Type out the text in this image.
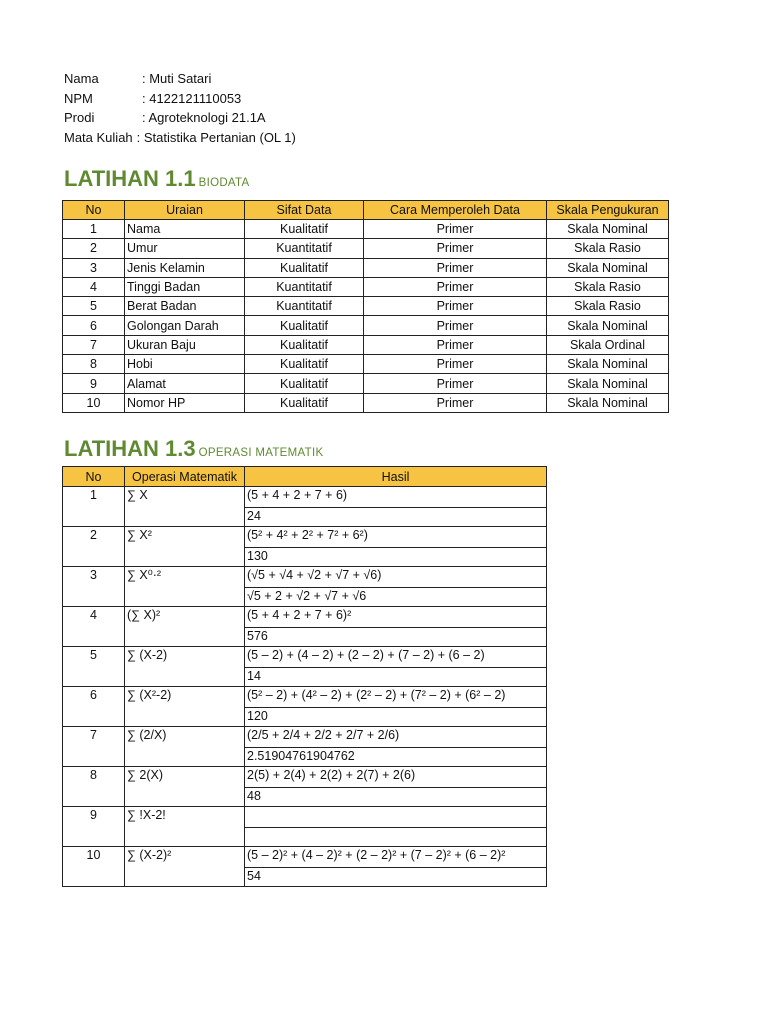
Nama	: Muti Satari
NPM	: 4122121110053
Prodi	: Agroteknologi 21.1A
Mata Kuliah : Statistika Pertanian (OL 1)
LATIHAN 1.1 BIODATA
No	Uraian	Sifat Data	Cara Memperoleh Data	Skala Pengukuran
1	Nama	Kualitatif	Primer	Skala Nominal
2	Umur	Kuantitatif	Primer	Skala Rasio
3	Jenis Kelamin	Kualitatif	Primer	Skala Nominal
4	Tinggi Badan	Kuantitatif	Primer	Skala Rasio
5	Berat Badan	Kuantitatif	Primer	Skala Rasio
6	Golongan Darah	Kualitatif	Primer	Skala Nominal
7	Ukuran Baju	Kualitatif	Primer	Skala Ordinal
8	Hobi	Kualitatif	Primer	Skala Nominal
9	Alamat	Kualitatif	Primer	Skala Nominal
10	Nomor HP	Kualitatif	Primer	Skala Nominal
LATIHAN 1.3 OPERASI MATEMATIK
No	Operasi Matematik	Hasil
1	∑ X	(5 + 4 + 2 + 7 + 6)
		24
2	∑ X²	(5² + 4² + 2² + 7² + 6²)
		130
3	∑ X⁰·²	(√5 + √4 + √2 + √7 + √6)
		√5 + 2 + √2 + √7 + √6
4	(∑ X)²	(5 + 4 + 2 + 7 + 6)²
		576
5	∑ (X-2)	(5 – 2) + (4 – 2) + (2 – 2) + (7 – 2) + (6 – 2)
		14
6	∑ (X²-2)	(5² – 2) + (4² – 2) + (2² – 2) + (7² – 2) + (6² – 2)
		120
7	∑ (2/X)	(2/5 + 2/4 + 2/2 + 2/7 + 2/6)
		2.51904761904762
8	∑ 2(X)	2(5) + 2(4) + 2(2) + 2(7) + 2(6)
		48
9	∑ !X-2!	

10	∑ (X-2)²	(5 – 2)² + (4 – 2)² + (2 – 2)² + (7 – 2)² + (6 – 2)²
		54
